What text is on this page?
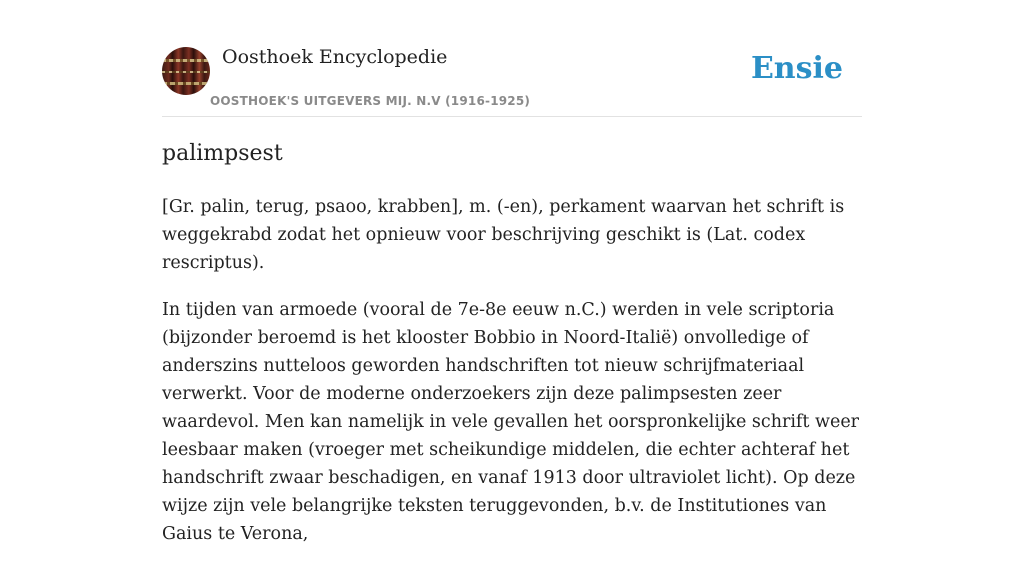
Oosthoek Encyclopedie
OOSTHOEK'S UITGEVERS MIJ. N.V (1916-1925)
Ensie
palimpsest

[Gr. palin, terug, psaoo, krabben], m. (-en), perkament waarvan het schrift is weggekrabd zodat het opnieuw voor beschrijving geschikt is (Lat. codex rescriptus).

In tijden van armoede (vooral de 7e-8e eeuw n.C.) werden in vele scriptoria (bijzonder beroemd is het klooster Bobbio in Noord-Italië) onvolledige of anderszins nutteloos geworden handschriften tot nieuw schrijfmateriaal verwerkt. Voor de moderne onderzoekers zijn deze palimpsesten zeer waardevol. Men kan namelijk in vele gevallen het oorspronkelijke schrift weer leesbaar maken (vroeger met scheikundige middelen, die echter achteraf het handschrift zwaar beschadigen, en vanaf 1913 door ultraviolet licht). Op deze wijze zijn vele belangrijke teksten teruggevonden, b.v. de Institutiones van Gaius te Verona,
